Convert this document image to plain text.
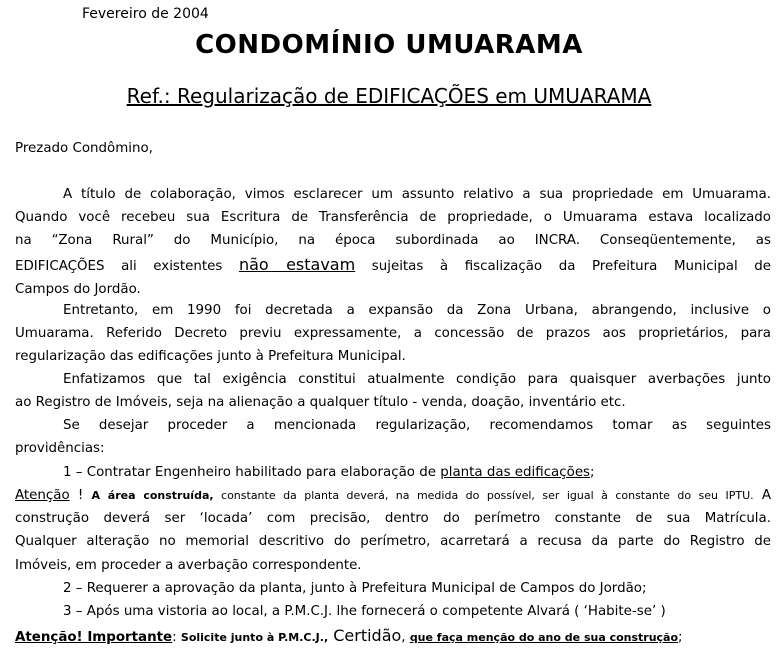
Fevereiro de 2004
CONDOMÍNIO UMUARAMA
Ref.: Regularização de EDIFICAÇÕES em UMUARAMA
Prezado Condômino,
A título de colaboração, vimos esclarecer um assunto relativo a sua propriedade em Umuarama.
Quando você recebeu sua Escritura de Transferência de propriedade, o Umuarama estava localizado
na “Zona Rural” do Município, na época subordinada ao INCRA. Conseqüentemente, as
EDIFICAÇÕES ali existentes não estavam sujeitas à fiscalização da Prefeitura Municipal de
Campos do Jordão.
Entretanto, em 1990 foi decretada a expansão da Zona Urbana, abrangendo, inclusive o
Umuarama. Referido Decreto previu expressamente, a concessão de prazos aos proprietários, para
regularização das edificações junto à Prefeitura Municipal.
Enfatizamos que tal exigência constitui atualmente condição para quaisquer averbações junto
ao Registro de Imóveis, seja na alienação a qualquer título - venda, doação, inventário etc.
Se desejar proceder a mencionada regularização, recomendamos tomar as seguintes
providências:
1 – Contratar Engenheiro habilitado para elaboração de planta das edificações;
Atenção ! A área construída, constante da planta deverá, na medida do possível, ser igual à constante do seu IPTU. A
construção deverá ser ‘locada’ com precisão, dentro do perímetro constante de sua Matrícula.
Qualquer alteração no memorial descritivo do perímetro, acarretará a recusa da parte do Registro de
Imóveis, em proceder a averbação correspondente.
2 – Requerer a aprovação da planta, junto à Prefeitura Municipal de Campos do Jordão;
3 – Após uma vistoria ao local, a P.M.C.J. lhe fornecerá o competente Alvará ( ‘Habite-se’ )
Atenção! Importante: Solicite junto à P.M.C.J., Certidão, que faça menção do ano de sua construção;
